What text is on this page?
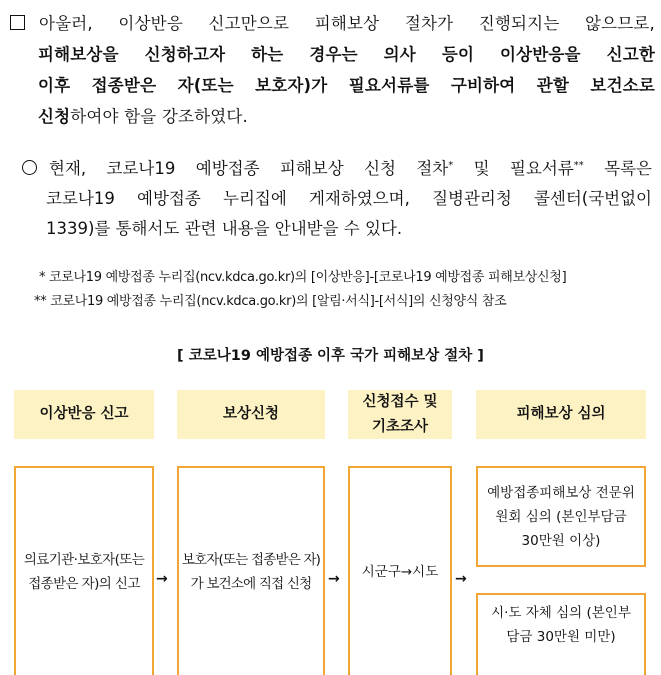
아울러, 이상반응 신고만으로 피해보상 절차가 진행되지는 않으므로,
피해보상을 신청하고자 하는 경우는 의사 등이 이상반응을 신고한
이후 접종받은 자(또는 보호자)가 필요서류를 구비하여 관할 보건소로
신청하여야 함을 강조하였다.
현재, 코로나19 예방접종 피해보상 신청 절차* 및 필요서류** 목록은
코로나19 예방접종 누리집에 게재하였으며, 질병관리청 콜센터(국번없이
1339)를 통해서도 관련 내용을 안내받을 수 있다.
* 코로나19 예방접종 누리집(ncv.kdca.go.kr)의 [이상반응]-[코로나19 예방접종 피해보상신청]
** 코로나19 예방접종 누리집(ncv.kdca.go.kr)의 [알림·서식]-[서식]의 신청양식 참조
[ 코로나19 예방접종 이후 국가 피해보상 절차 ]
이상반응 신고	보상신청
신청접수 및 기초조사
피해보상 심의
의료기관·보호자(또는 접종받은 자)의 신고	→
보호자(또는 접종받은 자)가 보건소에 직접 신청	→ 시군구→시도 →
예방접종피해보상 전문위원회 심의 (본인부담금 30만원 이상)
시·도 자체 심의 (본인부담금 30만원 미만)
